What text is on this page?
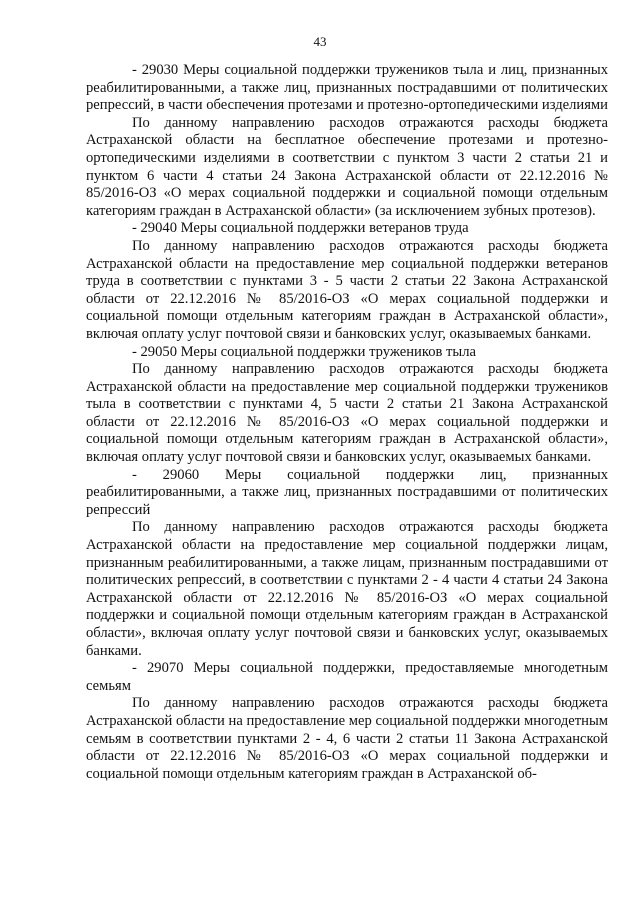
43

- 29030 Меры социальной поддержки тружеников тыла и лиц, признанных реабилитированными, а также лиц, признанных пострадавшими от политических репрессий, в части обеспечения протезами и протезно-ортопедическими изделиями

По данному направлению расходов отражаются расходы бюджета Астраханской области на бесплатное обеспечение протезами и протезно-ортопедическими изделиями в соответствии с пунктом 3 части 2 статьи 21 и пунктом 6 части 4 статьи 24 Закона Астраханской области от 22.12.2016 № 85/2016-ОЗ «О мерах социальной поддержки и социальной помощи отдельным категориям граждан в Астраханской области» (за исключением зубных протезов).

- 29040 Меры социальной поддержки ветеранов труда

По данному направлению расходов отражаются расходы бюджета Астраханской области на предоставление мер социальной поддержки ветеранов труда в соответствии с пунктами 3 - 5 части 2 статьи 22 Закона Астраханской области от 22.12.2016 № 85/2016-ОЗ «О мерах социальной поддержки и социальной помощи отдельным категориям граждан в Астраханской области», включая оплату услуг почтовой связи и банковских услуг, оказываемых банками.

- 29050 Меры социальной поддержки тружеников тыла

По данному направлению расходов отражаются расходы бюджета Астраханской области на предоставление мер социальной поддержки тружеников тыла в соответствии с пунктами 4, 5 части 2 статьи 21 Закона Астраханской области от 22.12.2016 № 85/2016-ОЗ «О мерах социальной поддержки и социальной помощи отдельным категориям граждан в Астраханской области», включая оплату услуг почтовой связи и банковских услуг, оказываемых банками.

- 29060 Меры социальной поддержки лиц, признанных реабилитированными, а также лиц, признанных пострадавшими от политических репрессий

По данному направлению расходов отражаются расходы бюджета Астраханской области на предоставление мер социальной поддержки лицам, признанным реабилитированными, а также лицам, признанным пострадавшими от политических репрессий, в соответствии с пунктами 2 - 4 части 4 статьи 24 Закона Астраханской области от 22.12.2016 № 85/2016-ОЗ «О мерах социальной поддержки и социальной помощи отдельным категориям граждан в Астраханской области», включая оплату услуг почтовой связи и банковских услуг, оказываемых банками.

- 29070 Меры социальной поддержки, предоставляемые многодетным семьям

По данному направлению расходов отражаются расходы бюджета Астраханской области на предоставление мер социальной поддержки многодетным семьям в соответствии пунктами 2 - 4, 6 части 2 статьи 11 Закона Астраханской области от 22.12.2016 № 85/2016-ОЗ «О мерах социальной поддержки и социальной помощи отдельным категориям граждан в Астраханской об-
